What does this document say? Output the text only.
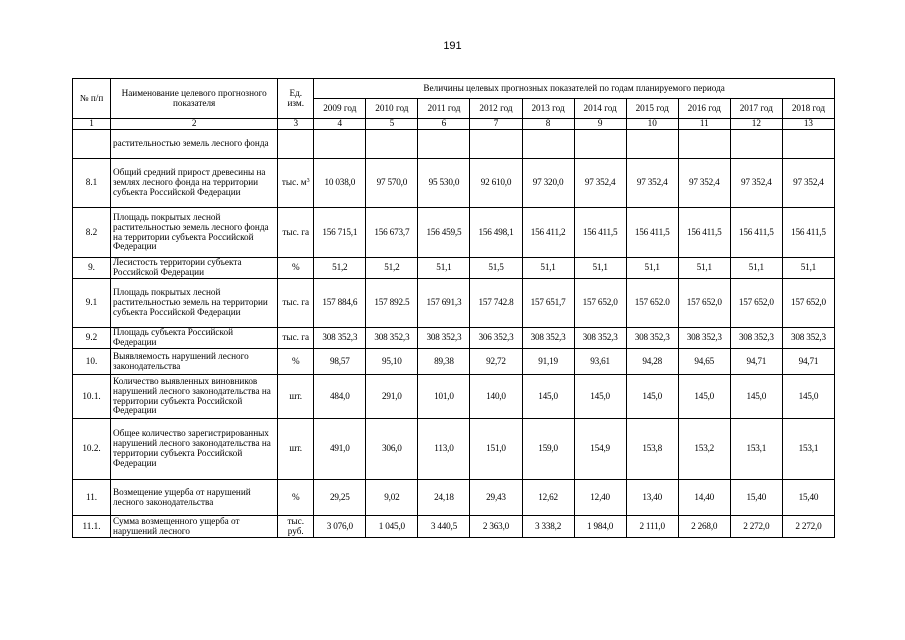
191
№ п/п	Наименование целевого прогнозного показателя	Ед. изм.	Величины целевых прогнозных показателей по годам планируемого периода									
			2009 год	2010 год	2011 год	2012 год	2013 год	2014 год	2015 год	2016 год	2017 год	2018 год
1	2	3	4	5	6	7	8	9	10	11	12	13
	растительностью земель лесного фонда											
8.1	Общий средний прирост древесины на землях лесного фонда на территории субъекта Российской Федерации	тыс. $м^3$	10 038,0	97 570,0	95 530,0	92 610,0	97 320,0	97 352,4	97 352,4	97 352,4	97 352,4	97 352,4
8.2	Площадь покрытых лесной растительностью земель лесного фонда на территории субъекта Российской Федерации	тыс. га	156 715,1	156 673,7	156 459,5	156 498,1	156 411,2	156 411,5	156 411,5	156 411,5	156 411,5	156 411,5
9.	Лесистость территории субъекта Российской Федерации	%	51,2	51,2	51,1	51,5	51,1	51,1	51,1	51,1	51,1	51,1
9.1	Площадь покрытых лесной растительностью земель на территории субъекта Российской Федерации	тыс. га	157 884,6	157 892.5	157 691,3	157 742.8	157 651,7	157 652,0	157 652.0	157 652,0	157 652,0	157 652,0
9.2	Площадь субъекта Российской Федерации	тыс. га	308 352,3	308 352,3	308 352,3	306 352,3	308 352,3	308 352,3	308 352,3	308 352,3	308 352,3	308 352,3
10.	Выявляемость нарушений лесного законодательства	%	98,57	95,10	89,38	92,72	91,19	93,61	94,28	94,65	94,71	94,71
10.1.	Количество выявленных виновников нарушений лесного законодательства на территории субъекта Российской Федерации	шт.	484,0	291,0	101,0	140,0	145,0	145,0	145,0	145,0	145,0	145,0
10.2.	Общее количество зарегистрированных нарушений лесного законодательства на территории субъекта Российской Федерации	шт.	491,0	306,0	113,0	151,0	159,0	154,9	153,8	153,2	153,1	153,1
11.	Возмещение ущерба от нарушений лесного законодательства	%	29,25	9,02	24,18	29,43	12,62	12,40	13,40	14,40	15,40	15,40
11.1.	Сумма возмещенного ущерба от нарушений лесного	тыс. руб.	3 076,0	1 045,0	3 440,5	2 363,0	3 338,2	1 984,0	2 111,0	2 268,0	2 272,0	2 272,0
